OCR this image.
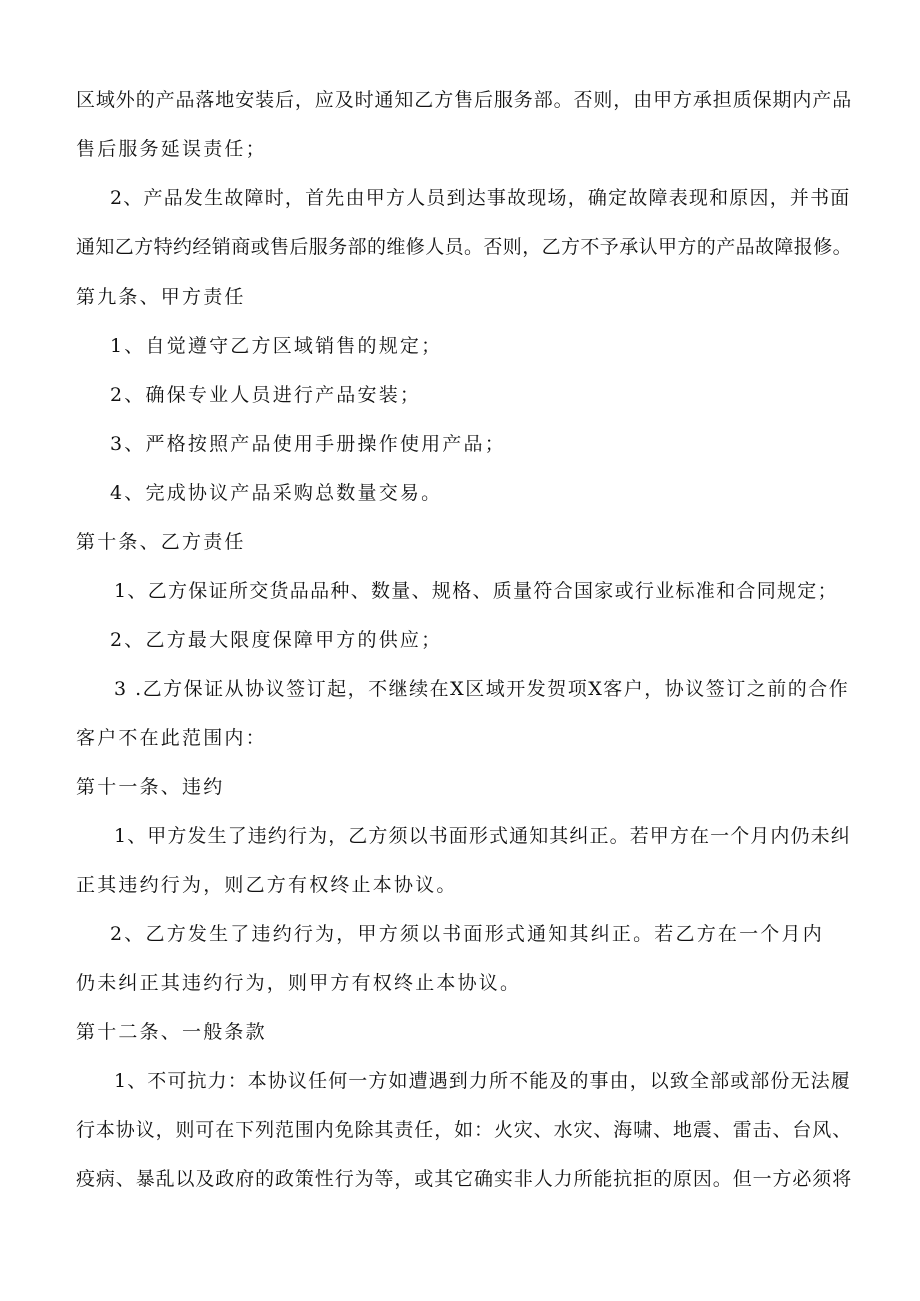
区域外的产品落地安装后，应及时通知乙方售后服务部。否则，由甲方承担质保期内产品
售后服务延误责任；
2、产品发生故障时，首先由甲方人员到达事故现场，确定故障表现和原因，并书面
通知乙方特约经销商或售后服务部的维修人员。否则，乙方不予承认甲方的产品故障报修。
第九条、甲方责任
1、自觉遵守乙方区域销售的规定；
2、确保专业人员进行产品安装；
3、严格按照产品使用手册操作使用产品；
4、完成协议产品采购总数量交易。
第十条、乙方责任
1、乙方保证所交货品品种、数量、规格、质量符合国家或行业标准和合同规定；
2、乙方最大限度保障甲方的供应；
3 .乙方保证从协议签订起，不继续在X区域开发贺项X客户，协议签订之前的合作
客户不在此范围内：
第十一条、违约
1、甲方发生了违约行为，乙方须以书面形式通知其纠正。若甲方在一个月内仍未纠
正其违约行为，则乙方有权终止本协议。
2、乙方发生了违约行为，甲方须以书面形式通知其纠正。若乙方在一个月内
仍未纠正其违约行为，则甲方有权终止本协议。
第十二条、一般条款
1、不可抗力：本协议任何一方如遭遇到力所不能及的事由，以致全部或部份无法履
行本协议，则可在下列范围内免除其责任，如：火灾、水灾、海啸、地震、雷击、台风、
疫病、暴乱以及政府的政策性行为等，或其它确实非人力所能抗拒的原因。但一方必须将
